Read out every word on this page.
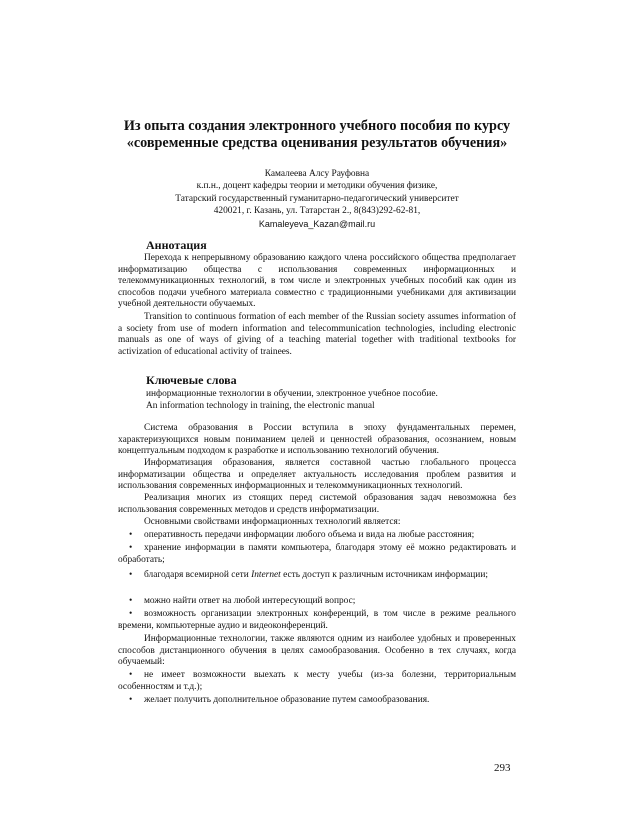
Из опыта создания электронного учебного пособия по курсу
«современные средства оценивания результатов обучения»
Камалеева Алсу Рауфовна
к.п.н., доцент кафедры теории и методики обучения физике,
Татарский государственный гуманитарно-педагогический университет
420021, г. Казань, ул. Татарстан 2., 8(843)292-62-81,
Kamaleyeva_Kazan@mail.ru
Аннотация

Перехода к непрерывному образованию каждого члена российского общества предполагает информатизацию общества с использования современных информационных и телекоммуникационных технологий, в том числе и электронных учебных пособий как один из способов подачи учебного материала совместно с традиционными учебниками для активизации учебной деятельности обучаемых.

Transition to continuous formation of each member of the Russian society assumes information of a society from use of modern information and telecommunication technologies, including electronic manuals as one of ways of giving of a teaching material together with traditional textbooks for activization of educational activity of trainees.

Ключевые слова
информационные технологии в обучении, электронное учебное пособие.
An information technology in training, the electronic manual

Система образования в России вступила в эпоху фундаментальных перемен, характеризующихся новым пониманием целей и ценностей образования, осознанием, новым концептуальным подходом к разработке и использованию технологий обучения.

Информатизация образования, является составной частью глобального процесса информатизации общества и определяет актуальность исследования проблем развития и использования современных информационных и телекоммуникационных технологий.

Реализация многих из стоящих перед системой образования задач невозможна без использования современных методов и средств информатизации.

Основными свойствами информационных технологий является:

• оперативность передачи информации любого объема и вида на любые расстояния;
• хранение информации в памяти компьютера, благодаря этому её можно редактировать и обработать;
• благодаря всемирной сети Internet есть доступ к различным источникам информации;
• можно найти ответ на любой интересующий вопрос;
• возможность организации электронных конференций, в том числе в режиме реального времени, компьютерные аудио и видеоконференций.

Информационные технологии, также являются одним из наиболее удобных и проверенных способов дистанционного обучения в целях самообразования. Особенно в тех случаях, когда обучаемый:

• не имеет возможности выехать к месту учебы (из-за болезни, территориальным особенностям и т.д.);
• желает получить дополнительное образование путем самообразования.
293
